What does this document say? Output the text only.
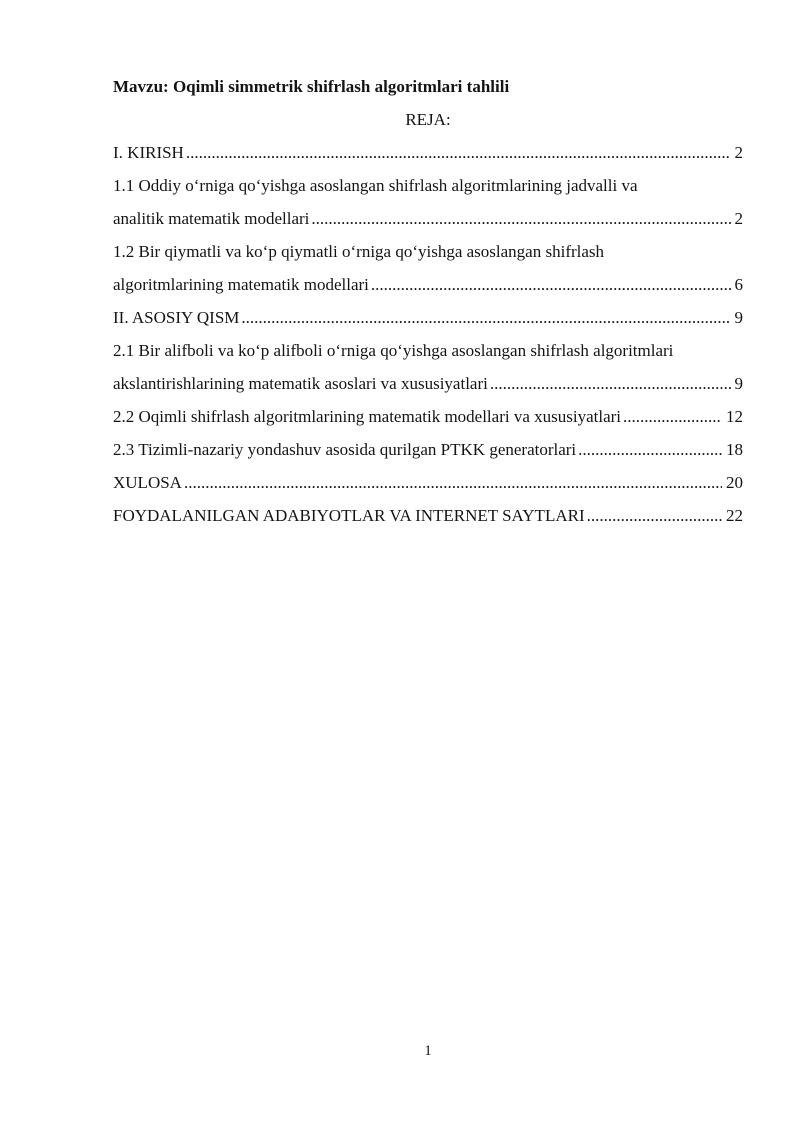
Mavzu: Oqimli simmetrik shifrlash algoritmlari tahlili
REJA:
I. KIRISH .....	2
1.1 Oddiy oʻrniga qoʻyishga asoslangan shifrlash algoritmlarining jadvalli va
analitik matematik modellari .....	2
1.2 Bir qiymatli va koʻp qiymatli oʻrniga qoʻyishga asoslangan shifrlash
algoritmlarining matematik modellari .....	6
II. ASOSIY QISM .....	9
2.1 Bir alifboli va koʻp alifboli oʻrniga qoʻyishga asoslangan shifrlash algoritmlari
akslantirishlarining matematik asoslari va xususiyatlari .....	9
2.2 Oqimli shifrlash algoritmlarining matematik modellari va xususiyatlari .....	12
2.3 Tizimli-nazariy yondashuv asosida qurilgan PTKK generatorlari .....	18
XULOSA .....	20
FOYDALANILGAN ADABIYOTLAR VA INTERNET SAYTLARI .....	22
1
